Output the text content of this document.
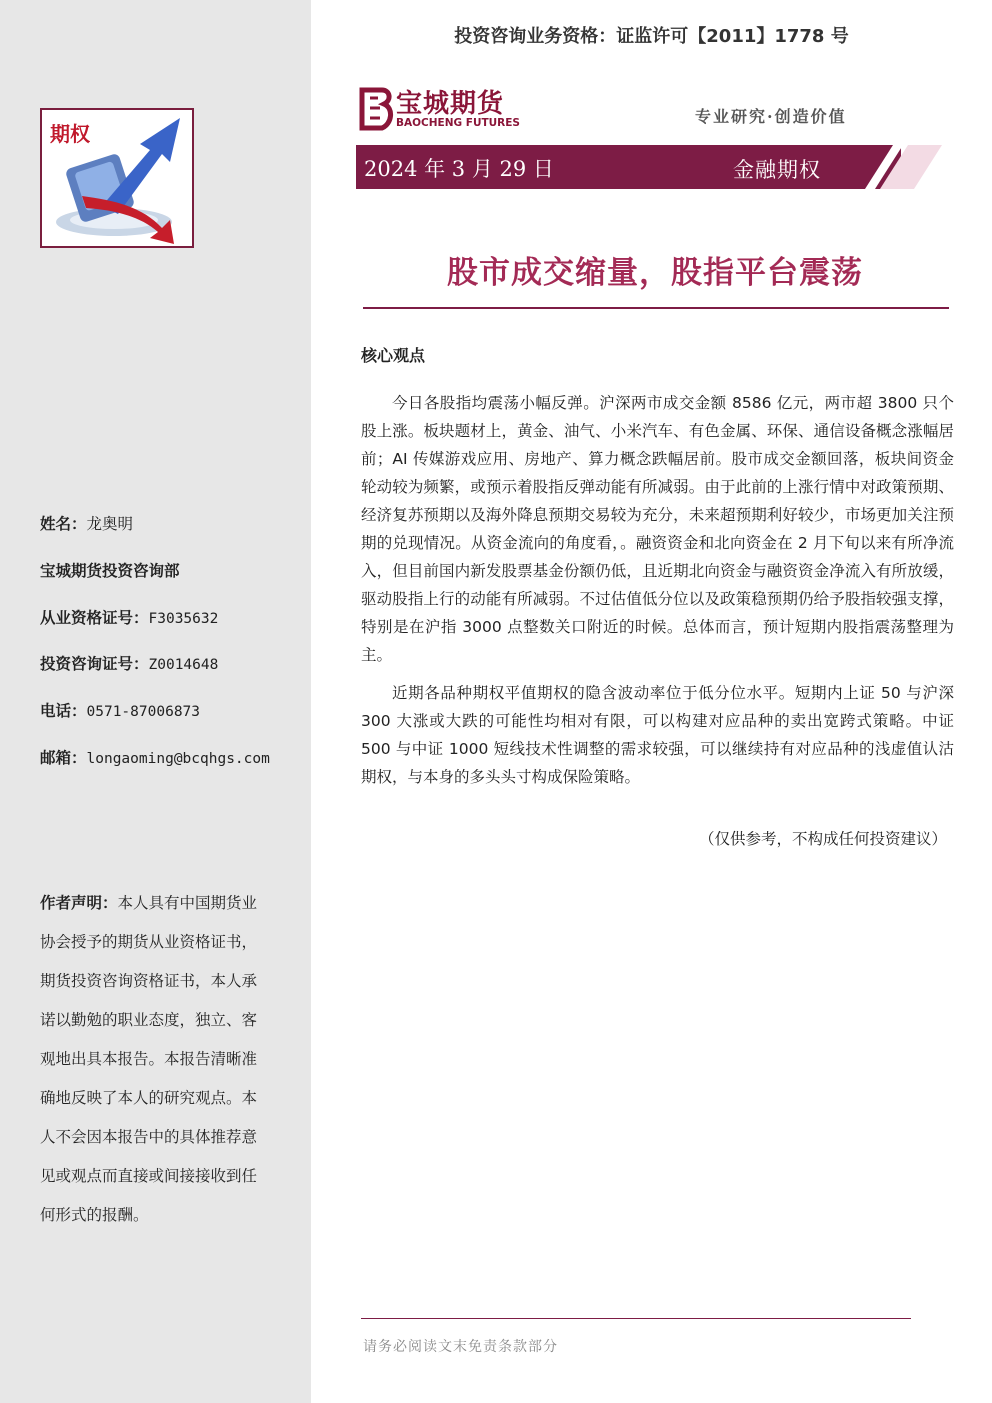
期权
姓名：龙奥明
宝城期货投资咨询部
从业资格证号：F3035632
投资咨询证号：Z0014648
电话：0571-87006873
邮箱：longaoming@bcqhgs.com
作者声明：本人具有中国期货业协会授予的期货从业资格证书，期货投资咨询资格证书，本人承诺以勤勉的职业态度，独立、客观地出具本报告。本报告清晰准确地反映了本人的研究观点。本人不会因本报告中的具体推荐意见或观点而直接或间接接收到任何形式的报酬。
投资咨询业务资格：证监许可【2011】1778 号
宝城期货
BAOCHENG FUTURES	专业研究·创造价值
2024 年 3 月 29 日	金融期权
股市成交缩量，股指平台震荡
核心观点

今日各股指均震荡小幅反弹。沪深两市成交金额 8586 亿元，两市超 3800 只个股上涨。板块题材上，黄金、油气、小米汽车、有色金属、环保、通信设备概念涨幅居前；AI 传媒游戏应用、房地产、算力概念跌幅居前。股市成交金额回落，板块间资金轮动较为频繁，或预示着股指反弹动能有所减弱。由于此前的上涨行情中对政策预期、经济复苏预期以及海外降息预期交易较为充分，未来超预期利好较少，市场更加关注预期的兑现情况。从资金流向的角度看，。融资资金和北向资金在 2 月下旬以来有所净流入，但目前国内新发股票基金份额仍低，且近期北向资金与融资资金净流入有所放缓，驱动股指上行的动能有所减弱。不过估值低分位以及政策稳预期仍给予股指较强支撑，特别是在沪指 3000 点整数关口附近的时候。总体而言，预计短期内股指震荡整理为主。

近期各品种期权平值期权的隐含波动率位于低分位水平。短期内上证 50 与沪深 300 大涨或大跌的可能性均相对有限，可以构建对应品种的卖出宽跨式策略。中证 500 与中证 1000 短线技术性调整的需求较强，可以继续持有对应品种的浅虚值认沽期权，与本身的多头头寸构成保险策略。

（仅供参考，不构成任何投资建议）
请务必阅读文末免责条款部分
